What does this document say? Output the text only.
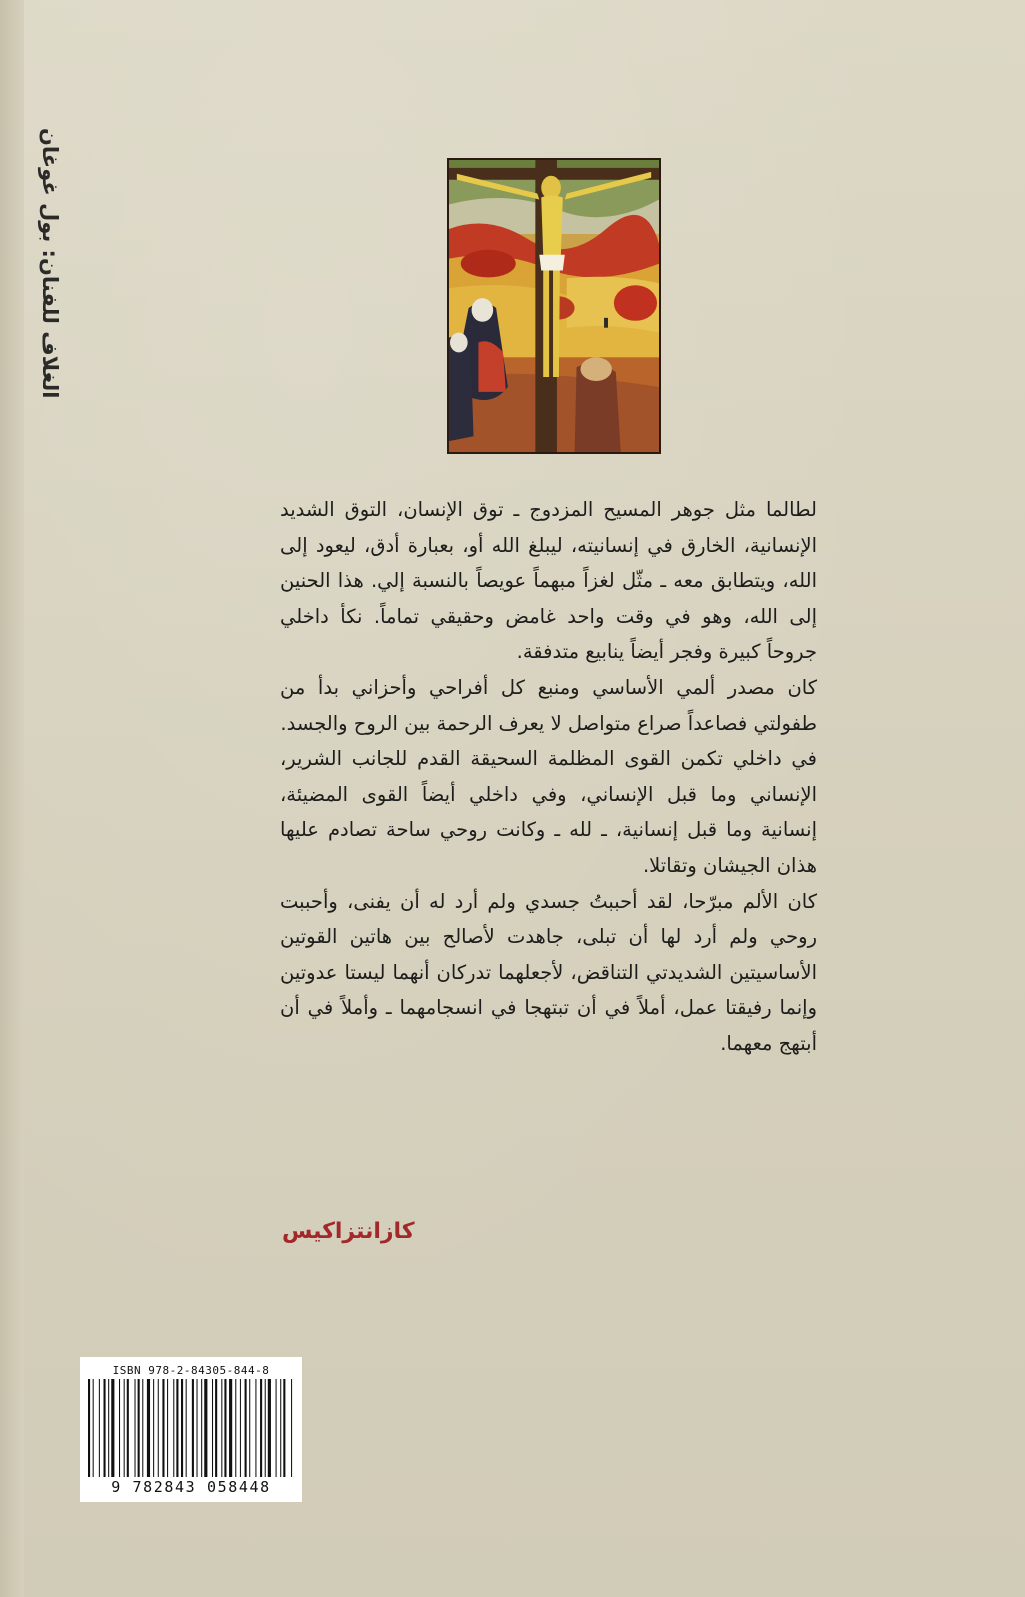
الغلاف للفنان: بول غوغان

لطالما مثل جوهر المسيح المزدوج ـ توق الإنسان، التوق الشديد الإنسانية، الخارق في إنسانيته، ليبلغ الله أو، بعبارة أدق، ليعود إلى الله، ويتطابق معه ـ مثّل لغزاً مبهماً عويصاً بالنسبة إلي. هذا الحنين إلى الله، وهو في وقت واحد غامض وحقيقي تماماً. نكأ داخلي جروحاً كبيرة وفجر أيضاً ينابيع متدفقة.

كان مصدر ألمي الأساسي ومنبع كل أفراحي وأحزاني بدأ من طفولتي فصاعداً صراع متواصل لا يعرف الرحمة بين الروح والجسد.

في داخلي تكمن القوى المظلمة السحيقة القدم للجانب الشرير، الإنساني وما قبل الإنساني، وفي داخلي أيضاً القوى المضيئة، إنسانية وما قبل إنسانية، ـ لله ـ وكانت روحي ساحة تصادم عليها هذان الجيشان وتقاتلا.

كان الألم مبرّحا، لقد أحببتُ جسدي ولم أرد له أن يفنى، وأحببت روحي ولم أرد لها أن تبلى، جاهدت لأصالح بين هاتين القوتين الأساسيتين الشديدتي التناقض، لأجعلهما تدركان أنهما ليستا عدوتين وإنما رفيقتا عمل، أملاً في أن تبتهجا في انسجامهما ـ وأملاً في أن أبتهج معهما.

كازانتزاكيس
ISBN 978-2-84305-844-8
9 782843 058448
